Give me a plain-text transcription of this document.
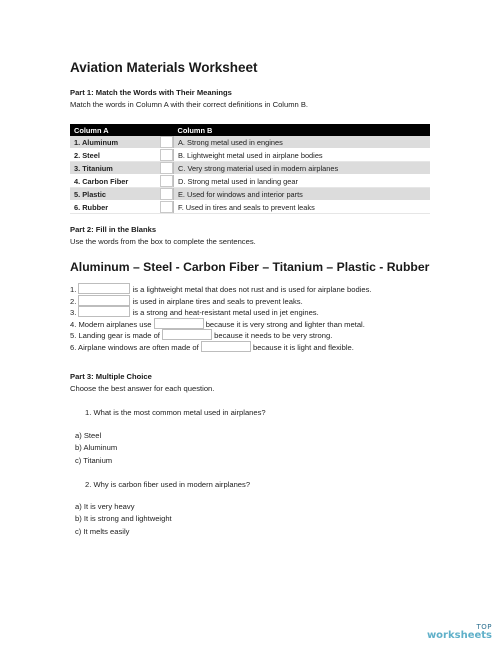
Aviation Materials Worksheet

Part 1: Match the Words with Their Meanings

Match the words in Column A with their correct definitions in Column B.

Column A		Column B
1. Aluminum		A. Strong metal used in engines
2. Steel		B. Lightweight metal used in airplane bodies
3. Titanium		C. Very strong material used in modern airplanes
4. Carbon Fiber		D. Strong metal used in landing gear
5. Plastic		E. Used for windows and interior parts
6. Rubber		F. Used in tires and seals to prevent leaks

Part 2: Fill in the Blanks

Use the words from the box to complete the sentences.

Aluminum – Steel - Carbon Fiber – Titanium – Plastic - Rubber

1.	is a lightweight metal that does not rust and is used for airplane bodies.
2.	is used in airplane tires and seals to prevent leaks.
3.	is a strong and heat-resistant metal used in jet engines.
4. Modern airplanes use	because it is very strong and lighter than metal.
5. Landing gear is made of	because it needs to be very strong.
6. Airplane windows are often made of	because it is light and flexible.

Part 3: Multiple Choice

Choose the best answer for each question.

1. What is the most common metal used in airplanes?

a) Steel
b) Aluminum
c) Titanium

2. Why is carbon fiber used in modern airplanes?

a) It is very heavy
b) It is strong and lightweight
c) It melts easily
TOP
worksheets
